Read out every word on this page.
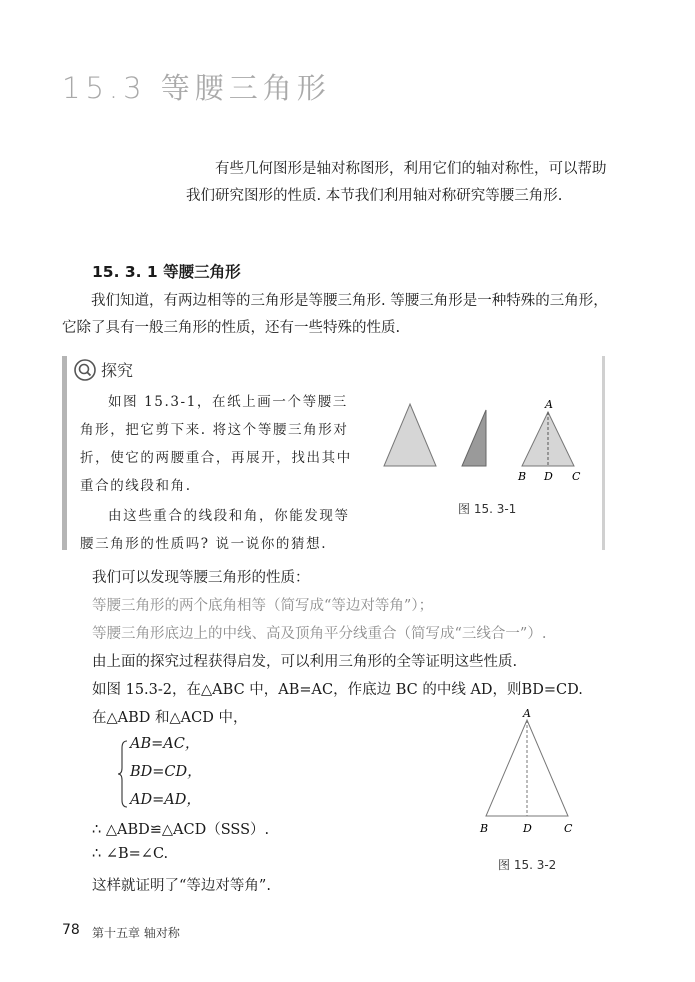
15.3 等腰三角形
有些几何图形是轴对称图形，利用它们的轴对称性，可以帮助我们研究图形的性质. 本节我们利用轴对称研究等腰三角形.
15. 3. 1 等腰三角形
我们知道，有两边相等的三角形是等腰三角形. 等腰三角形是一种特殊的三角形，它除了具有一般三角形的性质，还有一些特殊的性质.
探究

如图 15.3-1，在纸上画一个等腰三角形，把它剪下来. 将这个等腰三角形对折，使它的两腰重合，再展开，找出其中重合的线段和角.

由这些重合的线段和角，你能发现等腰三角形的性质吗? 说一说你的猜想.

A
B D C
图 15. 3-1
我们可以发现等腰三角形的性质：
等腰三角形的两个底角相等（简写成“等边对等角”）；
等腰三角形底边上的中线、高及顶角平分线重合（简写成“三线合一”）.
由上面的探究过程获得启发，可以利用三角形的全等证明这些性质.
如图 15.3-2，在△ABC 中，AB=AC，作底边 BC 的中线 AD，则BD=CD.
在△ABD 和△ACD 中，
AB=AC，
BD=CD，
AD=AD，
∴ △ABD≌△ACD（SSS）.
∴ ∠B=∠C.
这样就证明了“等边对等角”.
A
B	D	C
图 15. 3-2
78 第十五章 轴对称
